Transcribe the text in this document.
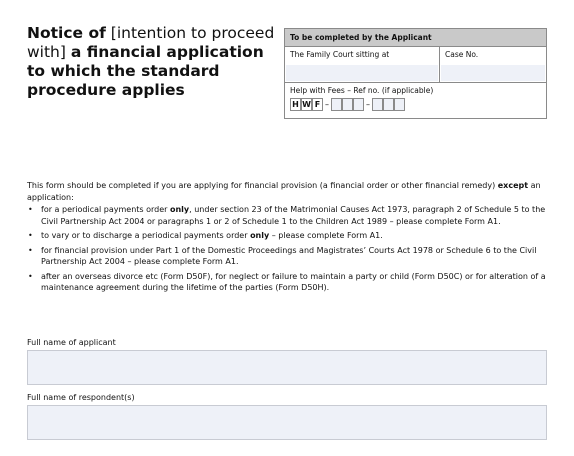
Notice of [intention to proceed with] a financial application to which the standard procedure applies
To be completed by the Applicant
The Family Court sitting at	Case No.
Help with Fees – Ref no. (if applicable)
H W F –	–

This form should be completed if you are applying for financial provision (a financial order or other financial remedy) except an application:

• for a periodical payments order only, under section 23 of the Matrimonial Causes Act 1973, paragraph 2 of Schedule 5 to the Civil Partnership Act 2004 or paragraphs 1 or 2 of Schedule 1 to the Children Act 1989 – please complete Form A1.
• to vary or to discharge a periodical payments order only – please complete Form A1.
• for financial provision under Part 1 of the Domestic Proceedings and Magistrates’ Courts Act 1978 or Schedule 6 to the Civil Partnership Act 2004 – please complete Form A1.
• after an overseas divorce etc (Form D50F), for neglect or failure to maintain a party or child (Form D50C) or for alteration of a maintenance agreement during the lifetime of the parties (Form D50H).
Full name of applicant
Full name of respondent(s)
